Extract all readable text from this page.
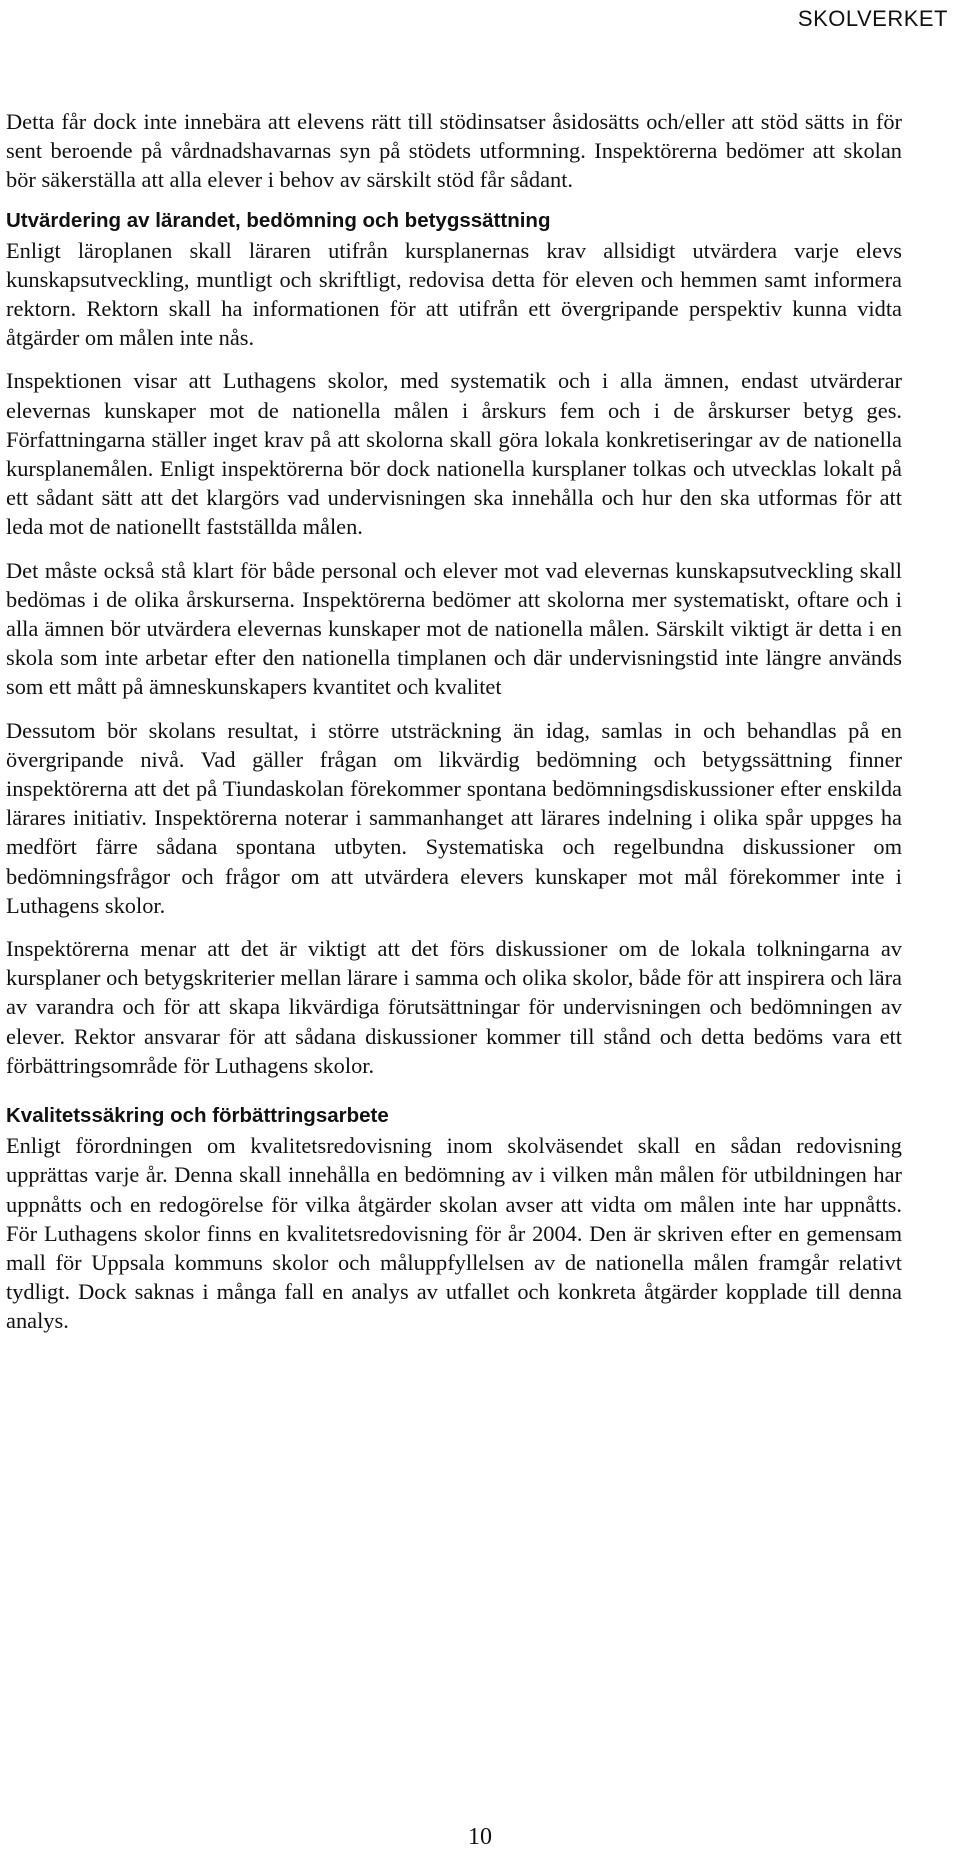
SKOLVERKET

Detta får dock inte innebära att elevens rätt till stödinsatser åsidosätts och/eller att stöd sätts in för sent beroende på vårdnadshavarnas syn på stödets utformning. Inspektörerna bedömer att skolan bör säkerställa att alla elever i behov av särskilt stöd får sådant.

Utvärdering av lärandet, bedömning och betygssättning

Enligt läroplanen skall läraren utifrån kursplanernas krav allsidigt utvärdera varje elevs kunskapsutveckling, muntligt och skriftligt, redovisa detta för eleven och hemmen samt informera rektorn. Rektorn skall ha informationen för att utifrån ett övergripande perspektiv kunna vidta åtgärder om målen inte nås.

Inspektionen visar att Luthagens skolor, med systematik och i alla ämnen, endast utvärderar elevernas kunskaper mot de nationella målen i årskurs fem och i de årskurser betyg ges. Författningarna ställer inget krav på att skolorna skall göra lokala konkretiseringar av de nationella kursplanemålen. Enligt inspektörerna bör dock nationella kursplaner tolkas och utvecklas lokalt på ett sådant sätt att det klargörs vad undervisningen ska innehålla och hur den ska utformas för att leda mot de nationellt fastställda målen.

Det måste också stå klart för både personal och elever mot vad elevernas kunskapsutveckling skall bedömas i de olika årskurserna. Inspektörerna bedömer att skolorna mer systematiskt, oftare och i alla ämnen bör utvärdera elevernas kunskaper mot de nationella målen. Särskilt viktigt är detta i en skola som inte arbetar efter den nationella timplanen och där undervisningstid inte längre används som ett mått på ämneskunskapers kvantitet och kvalitet

Dessutom bör skolans resultat, i större utsträckning än idag, samlas in och behandlas på en övergripande nivå. Vad gäller frågan om likvärdig bedömning och betygssättning finner inspektörerna att det på Tiundaskolan förekommer spontana bedömningsdiskussioner efter enskilda lärares initiativ. Inspektörerna noterar i sammanhanget att lärares indelning i olika spår uppges ha medfört färre sådana spontana utbyten. Systematiska och regelbundna diskussioner om bedömningsfrågor och frågor om att utvärdera elevers kunskaper mot mål förekommer inte i Luthagens skolor.

Inspektörerna menar att det är viktigt att det förs diskussioner om de lokala tolkningarna av kursplaner och betygskriterier mellan lärare i samma och olika skolor, både för att inspirera och lära av varandra och för att skapa likvärdiga förutsättningar för undervisningen och bedömningen av elever. Rektor ansvarar för att sådana diskussioner kommer till stånd och detta bedöms vara ett förbättringsområde för Luthagens skolor.

Kvalitetssäkring och förbättringsarbete

Enligt förordningen om kvalitetsredovisning inom skolväsendet skall en sådan redovisning upprättas varje år. Denna skall innehålla en bedömning av i vilken mån målen för utbildningen har uppnåtts och en redogörelse för vilka åtgärder skolan avser att vidta om målen inte har uppnåtts. För Luthagens skolor finns en kvalitetsredovisning för år 2004. Den är skriven efter en gemensam mall för Uppsala kommuns skolor och måluppfyllelsen av de nationella målen framgår relativt tydligt. Dock saknas i många fall en analys av utfallet och konkreta åtgärder kopplade till denna analys.

10
